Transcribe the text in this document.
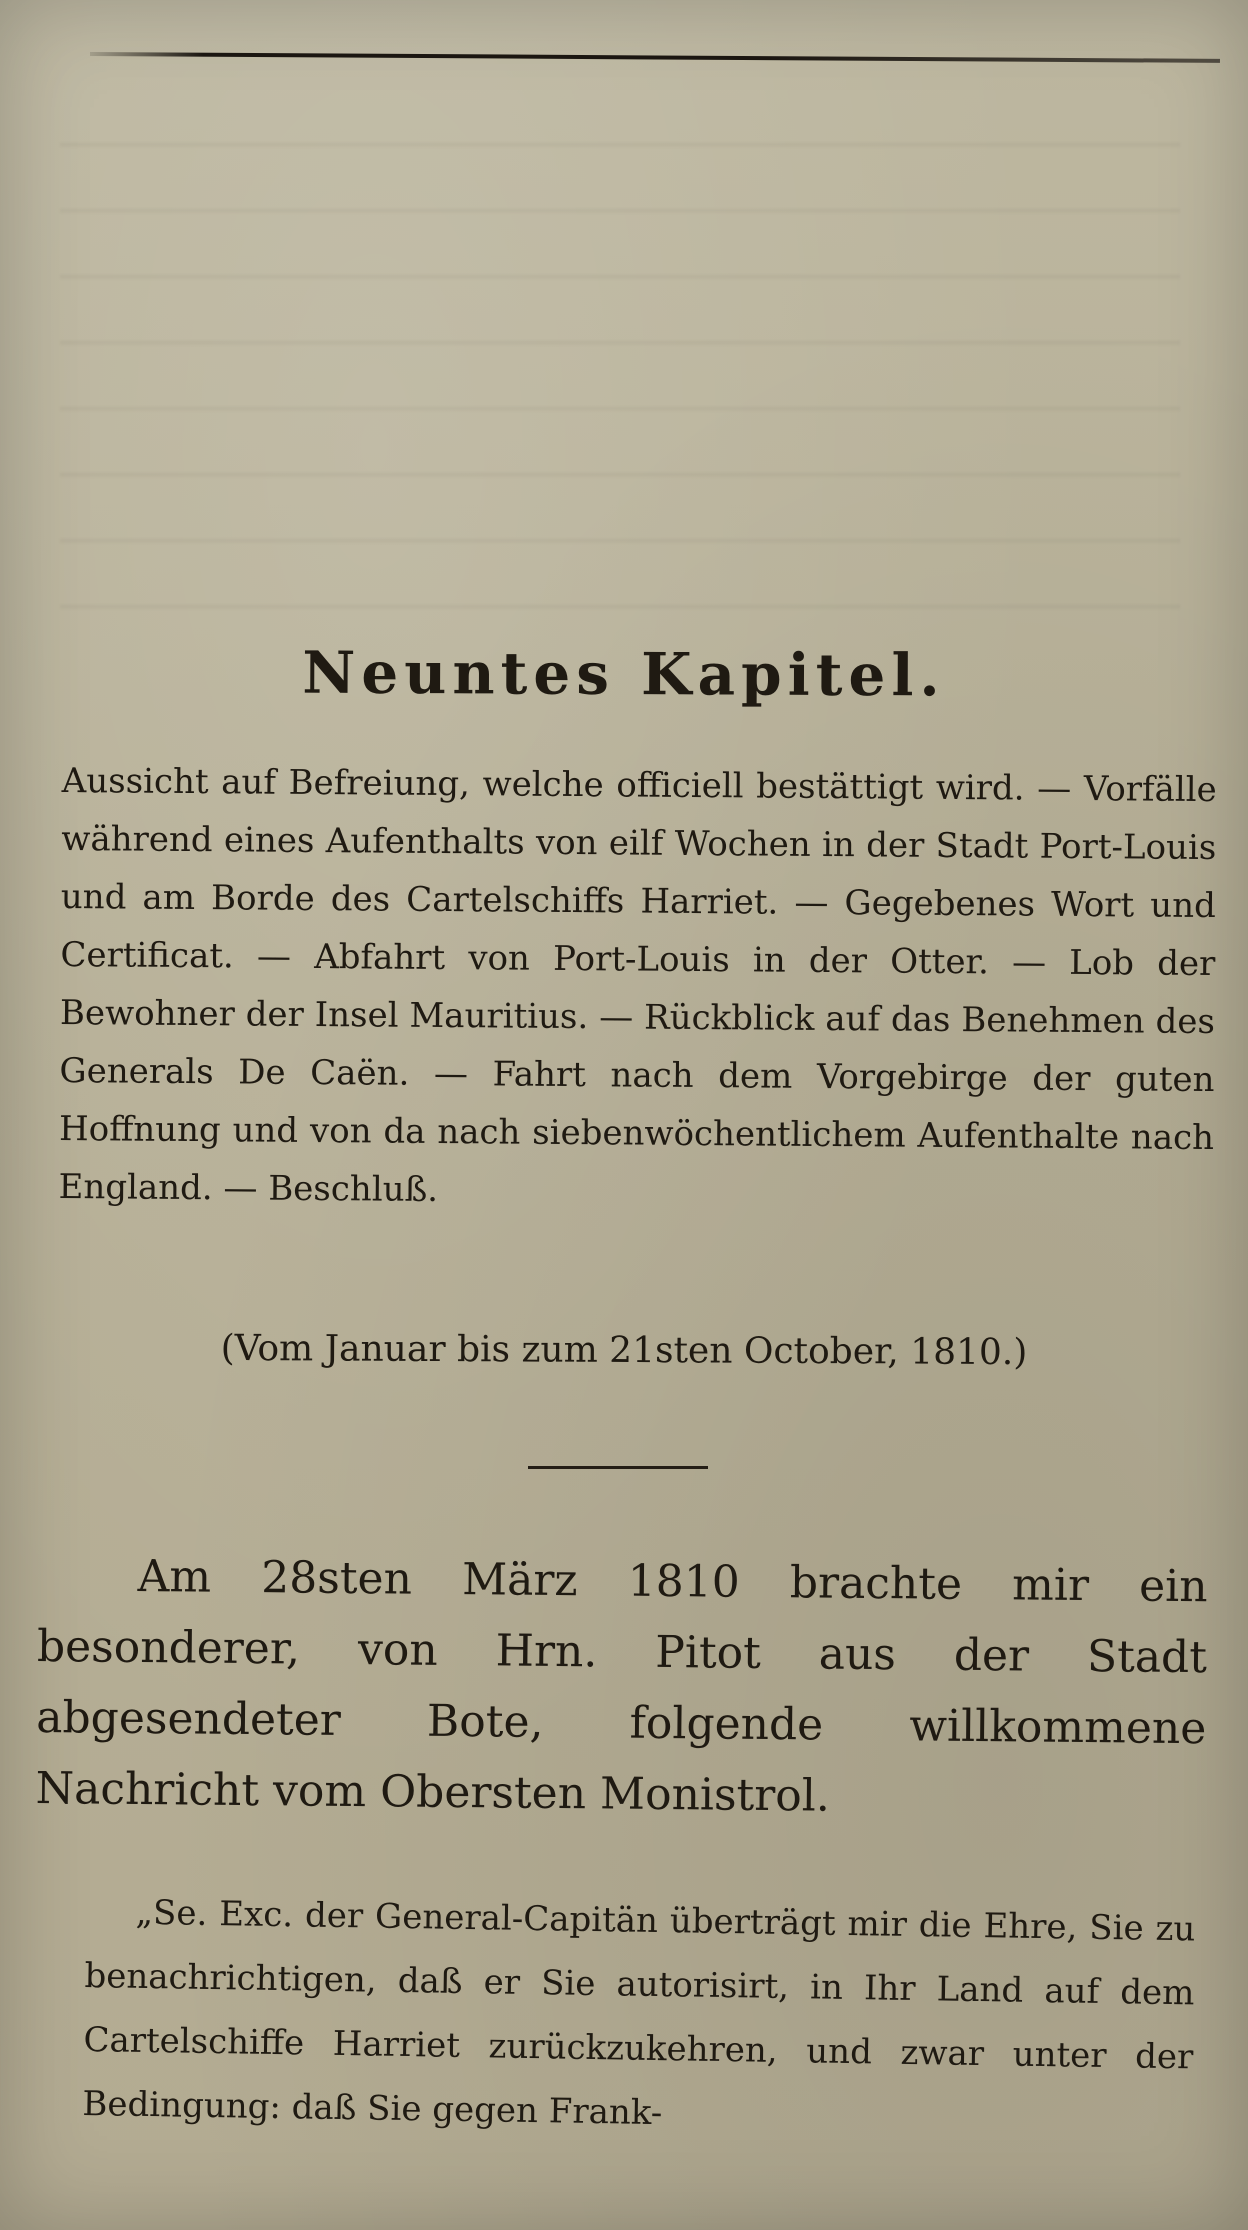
Neuntes Kapitel.
Aussicht auf Befreiung, welche officiell bestättigt wird. — Vorfälle während eines Aufenthalts von eilf Wochen in der Stadt Port-Louis und am Borde des Cartelschiffs Harriet. — Gegebenes Wort und Certificat. — Abfahrt von Port-Louis in der Otter. — Lob der Bewohner der Insel Mauritius. — Rückblick auf das Benehmen des Generals De Caën. — Fahrt nach dem Vorgebirge der guten Hoffnung und von da nach siebenwöchentlichem Aufenthalte nach England. — Beschluß.
(Vom Januar bis zum 21sten October, 1810.)
Am 28sten März 1810 brachte mir ein besonderer, von Hrn. Pitot aus der Stadt abgesendeter Bote, folgende willkommene Nachricht vom Obersten Monistrol.
„Se. Exc. der General-Capitän überträgt mir die Ehre, Sie zu benachrichtigen, daß er Sie autorisirt, in Ihr Land auf dem Cartelschiffe Harriet zurückzukehren, und zwar unter der Bedingung: daß Sie gegen Frank-
